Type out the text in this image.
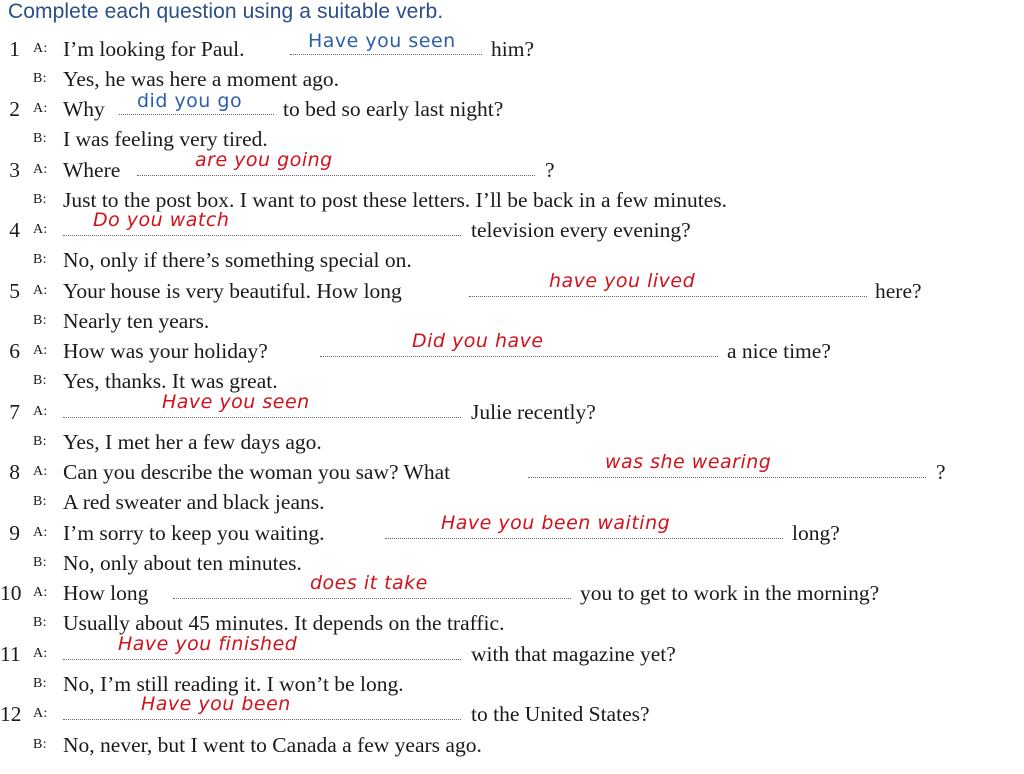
Complete each question using a suitable verb.
1 A: I’m looking for Paul.	Have you seen him?
B: Yes, he was here a moment ago.
2 A: Why did you go to bed so early last night?
B: I was feeling very tired.
3 A: Where	are you going	?
B: Just to the post box. I want to post these letters. I’ll be back in a few minutes.
4 A: Do you watch	television every evening?
B: No, only if there’s something special on.
5 A: Your house is very beautiful. How long	have you lived	here?
B: Nearly ten years.
6 A: How was your holiday?	Did you have	a nice time?
B: Yes, thanks. It was great.
7 A:	Have you seen	Julie recently?
B: Yes, I met her a few days ago.
8 A: Can you describe the woman you saw? What	was she wearing	?
B: A red sweater and black jeans.
9 A: I’m sorry to keep you waiting.	Have you been waiting	long?
B: No, only about ten minutes.
10 A: How long	does it take	you to get to work in the morning?
B: Usually about 45 minutes. It depends on the traffic.
11 A:	Have you finished	with that magazine yet?
B: No, I’m still reading it. I won’t be long.
12 A:	Have you been	to the United States?
B: No, never, but I went to Canada a few years ago.
